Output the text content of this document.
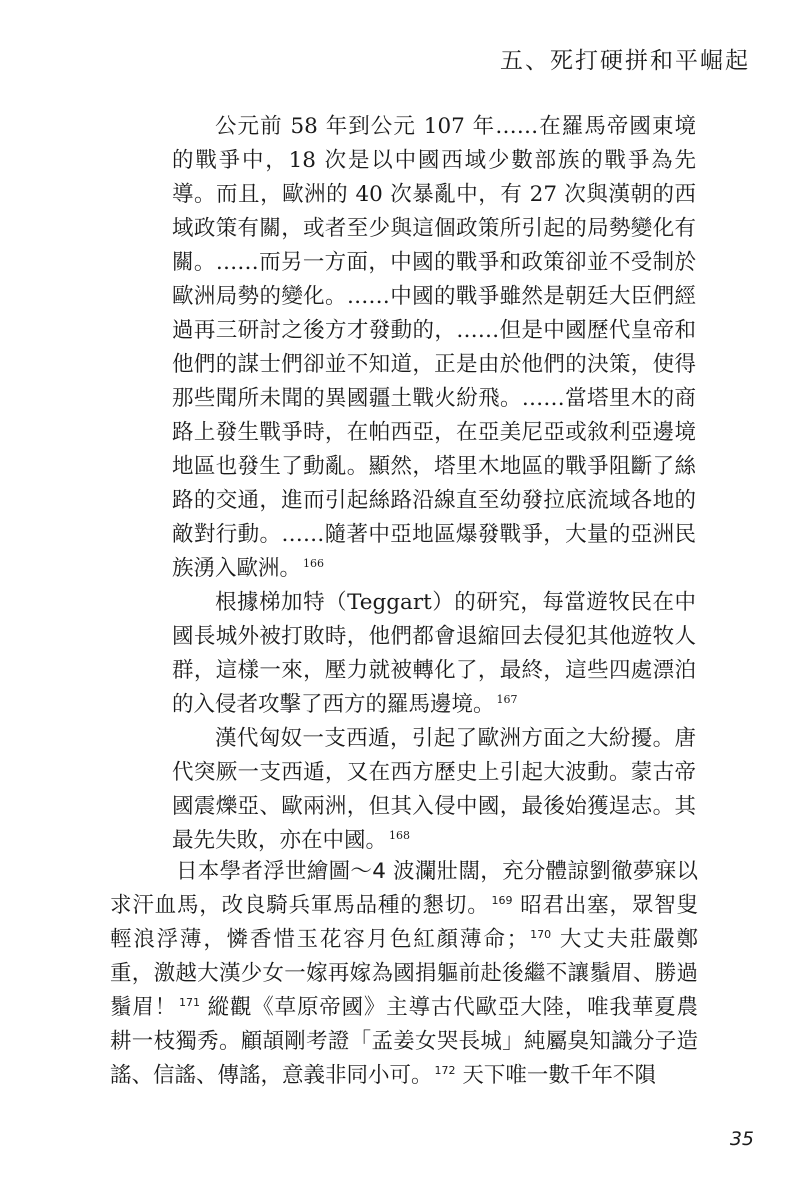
五、死打硬拼和平崛起

公元前 58 年到公元 107 年……在羅馬帝國東境的戰爭中，18 次是以中國西域少數部族的戰爭為先導。而且，歐洲的 40 次暴亂中，有 27 次與漢朝的西域政策有關，或者至少與這個政策所引起的局勢變化有關。……而另一方面，中國的戰爭和政策卻並不受制於歐洲局勢的變化。……中國的戰爭雖然是朝廷大臣們經過再三研討之後方才發動的，……但是中國歷代皇帝和他們的謀士們卻並不知道，正是由於他們的決策，使得那些聞所未聞的異國疆土戰火紛飛。……當塔里木的商路上發生戰爭時，在帕西亞，在亞美尼亞或敘利亞邊境地區也發生了動亂。顯然，塔里木地區的戰爭阻斷了絲路的交通，進而引起絲路沿線直至幼發拉底流域各地的敵對行動。……隨著中亞地區爆發戰爭，大量的亞洲民族湧入歐洲。 $^{166}$

根據梯加特（Teggart）的研究，每當遊牧民在中國長城外被打敗時，他們都會退縮回去侵犯其他遊牧人群，這樣一來，壓力就被轉化了，最終，這些四處漂泊的入侵者攻擊了西方的羅馬邊境。 $^{167}$

漢代匈奴一支西遁，引起了歐洲方面之大紛擾。唐代突厥一支西遁，又在西方歷史上引起大波動。蒙古帝國震爍亞、歐兩洲，但其入侵中國，最後始獲逞志。其最先失敗，亦在中國。 $^{168}$

日本學者浮世繪圖～4 波瀾壯闊，充分體諒劉徹夢寐以求汗血馬，改良騎兵軍馬品種的懇切。 $^{169}$ 昭君出塞，眾智叟輕浪浮薄，憐香惜玉花容月色紅顏薄命； $^{170}$ 大丈夫莊嚴鄭重，激越大漢少女一嫁再嫁為國捐軀前赴後繼不讓鬚眉、勝過鬚眉！ $^{171}$ 縱觀《草原帝國》主導古代歐亞大陸，唯我華夏農耕一枝獨秀。顧頡剛考證「孟姜女哭長城」純屬臭知識分子造謠、信謠、傳謠，意義非同小可。 $^{172}$ 天下唯一數千年不隕

35
